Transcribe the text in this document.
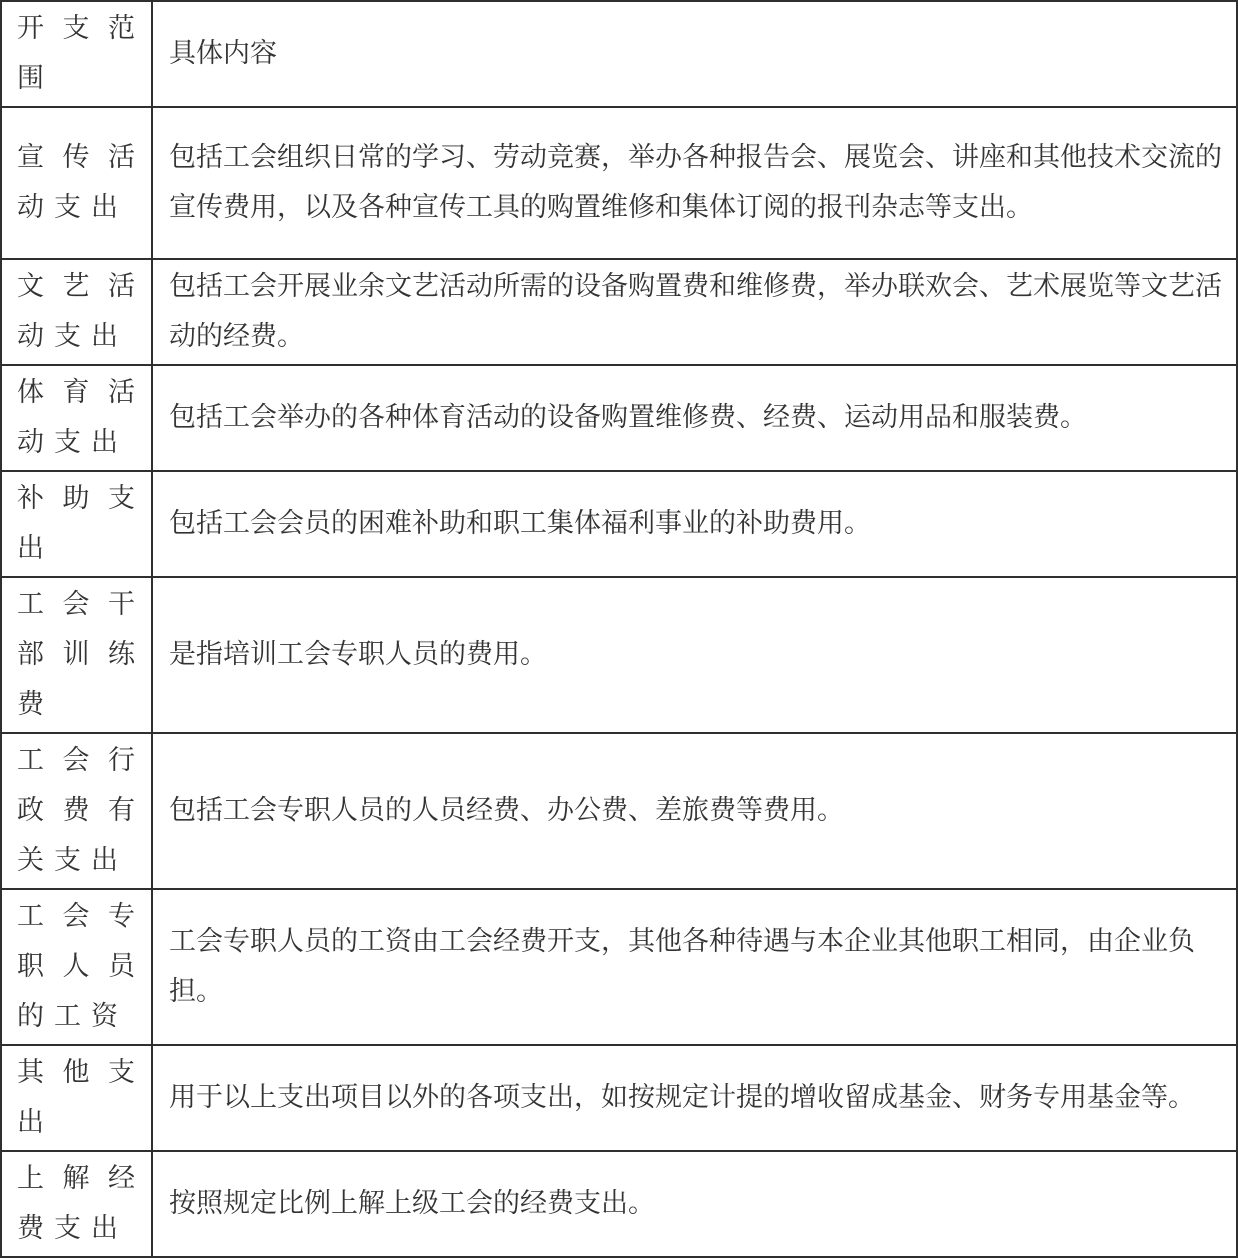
开支范围	具体内容
宣传活动支出	包括工会组织日常的学习、劳动竞赛，举办各种报告会、展览会、讲座和其他技术交流的宣传费用，以及各种宣传工具的购置维修和集体订阅的报刊杂志等支出。
文艺活动支出	包括工会开展业余文艺活动所需的设备购置费和维修费，举办联欢会、艺术展览等文艺活动的经费。
体育活动支出	包括工会举办的各种体育活动的设备购置维修费、经费、运动用品和服装费。
补助支出	包括工会会员的困难补助和职工集体福利事业的补助费用。
工会干部训练费	是指培训工会专职人员的费用。
工会行政费有关支出	包括工会专职人员的人员经费、办公费、差旅费等费用。
工会专职人员的工资	工会专职人员的工资由工会经费开支，其他各种待遇与本企业其他职工相同，由企业负担。
其他支出	用于以上支出项目以外的各项支出，如按规定计提的增收留成基金、财务专用基金等。
上解经费支出	按照规定比例上解上级工会的经费支出。
